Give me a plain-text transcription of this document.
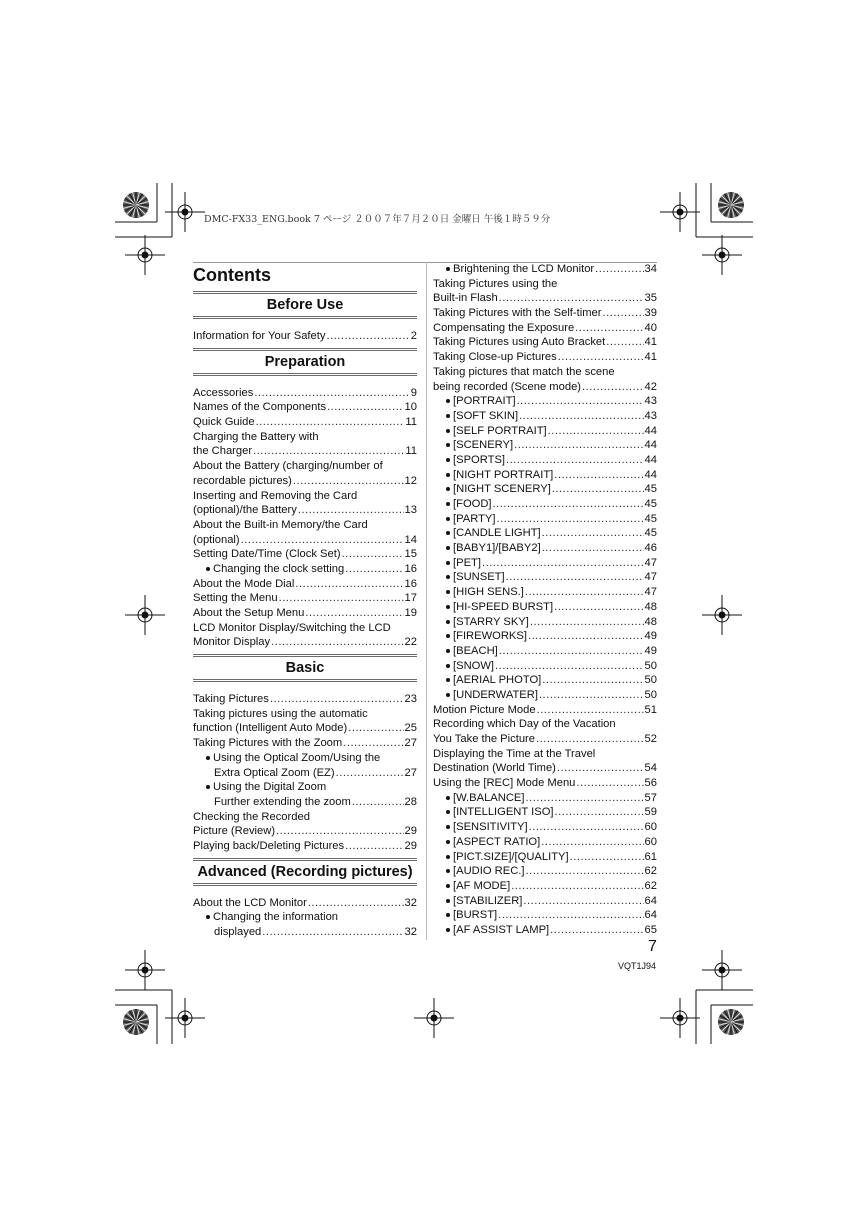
DMC-FX33_ENG.book 7 ページ ２００７年７月２０日 金曜日 午後１時５９分
Contents
Before Use
Information for Your Safety .....	2
Preparation
Accessories .....	9
Names of the Components .....	10
Quick Guide .....	11
Charging the Battery with
the Charger .....	11
About the Battery (charging/number of
recordable pictures) .....	12
Inserting and Removing the Card
(optional)/the Battery .....	13
About the Built-in Memory/the Card
(optional) .....	14
Setting Date/Time (Clock Set) .....	15
Changing the clock setting .....	16
About the Mode Dial .....	16
Setting the Menu .....	17
About the Setup Menu .....	19
LCD Monitor Display/Switching the LCD
Monitor Display .....	22
Basic
Taking Pictures .....	23
Taking pictures using the automatic
function (Intelligent Auto Mode) .....	25
Taking Pictures with the Zoom .....	27
Using the Optical Zoom/Using the
Extra Optical Zoom (EZ) .....	27
Using the Digital Zoom
Further extending the zoom .....	28
Checking the Recorded
Picture (Review) .....	29
Playing back/Deleting Pictures .....	29
Advanced (Recording pictures)
About the LCD Monitor .....	32
Changing the information
displayed .....	32
Brightening the LCD Monitor .....	34
Taking Pictures using the
Built-in Flash .....	35
Taking Pictures with the Self-timer .....	39
Compensating the Exposure .....	40
Taking Pictures using Auto Bracket .....	41
Taking Close-up Pictures .....	41
Taking pictures that match the scene
being recorded (Scene mode) .....	42
[PORTRAIT] .....	43
[SOFT SKIN] .....	43
[SELF PORTRAIT] .....	44
[SCENERY] .....	44
[SPORTS] .....	44
[NIGHT PORTRAIT] .....	44
[NIGHT SCENERY] .....	45
[FOOD] .....	45
[PARTY] .....	45
[CANDLE LIGHT] .....	45
[BABY1]/[BABY2] .....	46
[PET] .....	47
[SUNSET] .....	47
[HIGH SENS.] .....	47
[HI-SPEED BURST] .....	48
[STARRY SKY] .....	48
[FIREWORKS] .....	49
[BEACH] .....	49
[SNOW] .....	50
[AERIAL PHOTO] .....	50
[UNDERWATER] .....	50
Motion Picture Mode .....	51
Recording which Day of the Vacation
You Take the Picture .....	52
Displaying the Time at the Travel
Destination (World Time) .....	54
Using the [REC] Mode Menu .....	56
[W.BALANCE] .....	57
[INTELLIGENT ISO] .....	59
[SENSITIVITY] .....	60
[ASPECT RATIO] .....	60
[PICT.SIZE]/[QUALITY] .....	61
[AUDIO REC.] .....	62
[AF MODE] .....	62
[STABILIZER] .....	64
[BURST] .....	64
[AF ASSIST LAMP] .....	65
7
VQT1J94
